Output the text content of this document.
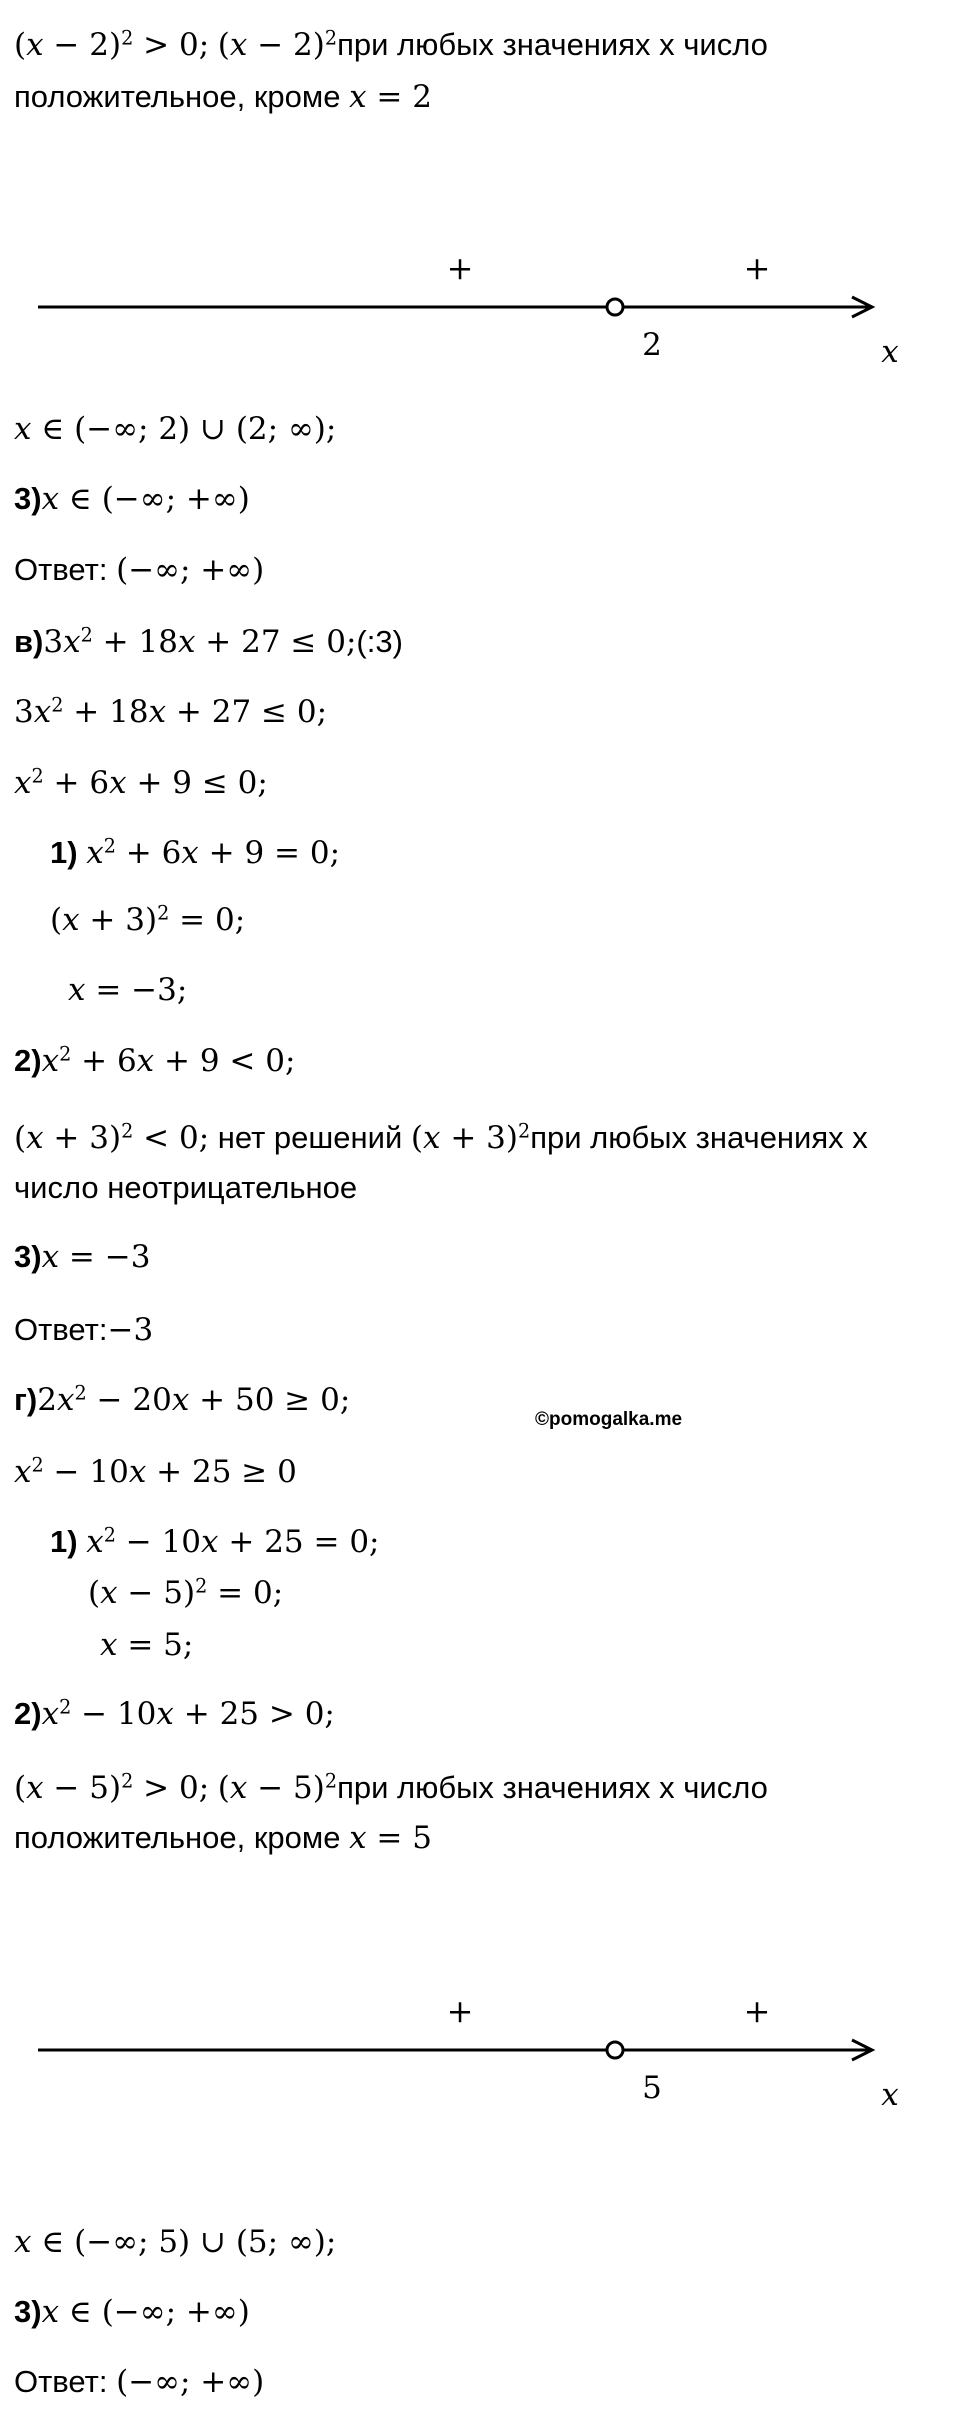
(𝑥 − 2)$^2$ > 0; (𝑥 − 2)$^2$при любых значениях х число
положительное, кроме 𝑥 = 2
+	+
2	𝑥
𝑥 ∈ (−∞; 2) ∪ (2; ∞);
3)𝑥 ∈ (−∞; +∞)
Ответ: (−∞; +∞)
в)3𝑥$^2$ + 18𝑥 + 27 ≤ 0;(:3)
3𝑥$^2$ + 18𝑥 + 27 ≤ 0;
𝑥$^2$ + 6𝑥 + 9 ≤ 0;
1) 𝑥$^2$ + 6𝑥 + 9 = 0;
(𝑥 + 3)$^2$ = 0;
𝑥 = −3;
2)𝑥$^2$ + 6𝑥 + 9 < 0;
(𝑥 + 3)$^2$ < 0; нет решений (𝑥 + 3)$^2$при любых значениях х
число неотрицательное
3)𝑥 = −3
Ответ:−3
г)2𝑥$^2$ − 20𝑥 + 50 ≥ 0;
©pomogalka.me
𝑥$^2$ − 10𝑥 + 25 ≥ 0
1) 𝑥$^2$ − 10𝑥 + 25 = 0;
(𝑥 − 5)$^2$ = 0;
𝑥 = 5;
2)𝑥$^2$ − 10𝑥 + 25 > 0;
(𝑥 − 5)$^2$ > 0; (𝑥 − 5)$^2$при любых значениях х число
положительное, кроме 𝑥 = 5
+	+
5	𝑥
𝑥 ∈ (−∞; 5) ∪ (5; ∞);
3)𝑥 ∈ (−∞; +∞)
Ответ: (−∞; +∞)
